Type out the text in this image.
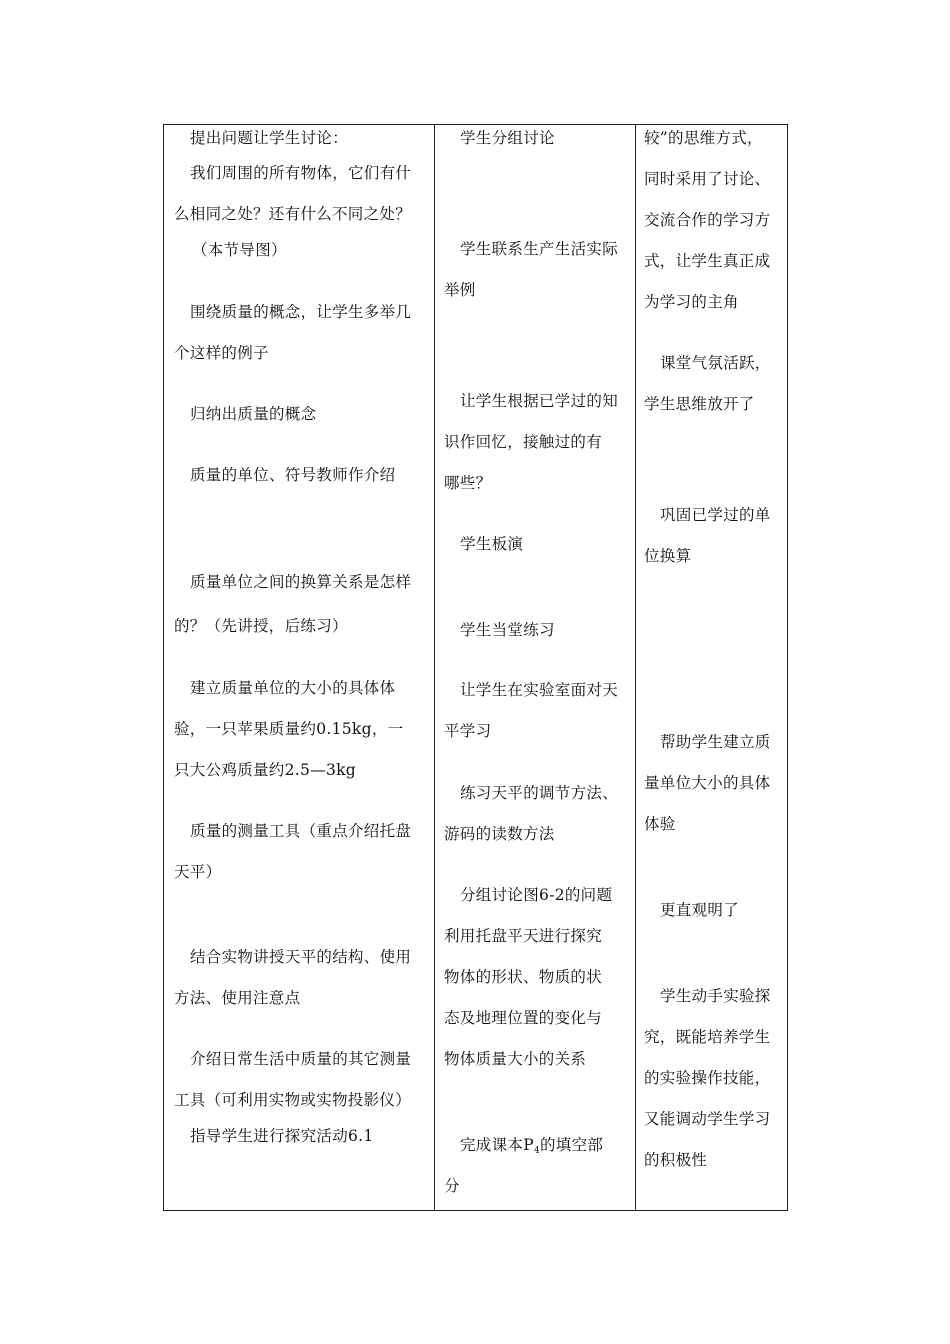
提出问题让学生讨论：
我们周围的所有物体，它们有什
么相同之处？还有什么不同之处？
（本节导图）
围绕质量的概念，让学生多举几
个这样的例子
归纳出质量的概念
质量的单位、符号教师作介绍
质量单位之间的换算关系是怎样
的？（先讲授，后练习）
建立质量单位的大小的具体体
验，一只苹果质量约0.15kg，一
只大公鸡质量约2.5—3kg
质量的测量工具（重点介绍托盘
天平）
结合实物讲授天平的结构、使用
方法、使用注意点
介绍日常生活中质量的其它测量
工具（可利用实物或实物投影仪）
指导学生进行探究活动6.1
学生分组讨论
学生联系生产生活实际
举例
让学生根据已学过的知
识作回忆，接触过的有
哪些？
学生板演
学生当堂练习
让学生在实验室面对天
平学习
练习天平的调节方法、
游码的读数方法
分组讨论图6-2的问题
利用托盘平天进行探究
物体的形状、物质的状
态及地理位置的变化与
物体质量大小的关系
完成课本$P_4$的填空部
分
较”的思维方式，
同时采用了讨论、
交流合作的学习方
式，让学生真正成
为学习的主角
课堂气氛活跃，
学生思维放开了
巩固已学过的单
位换算
帮助学生建立质
量单位大小的具体
体验
更直观明了
学生动手实验探
究，既能培养学生
的实验操作技能，
又能调动学生学习
的积极性
